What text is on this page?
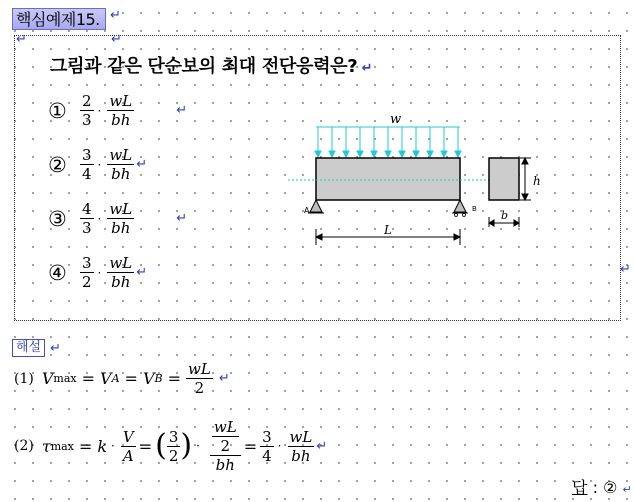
핵심예제15. ↵
↵	↵
그림과 같은 단순보의 최대 전단응력은? ↵
① $\frac{2}{3} \cdot \frac{wL}{bh}$	↵
② $\frac{3}{4} \cdot \frac{wL}{bh}$ ↵
③ $\frac{4}{3} \cdot \frac{wL}{bh}$	↵
④ $\frac{3}{2} \cdot \frac{wL}{bh}$ ↵
w
A	B
L
h
b
↵
해설 ↵
(1) V max = V A = V $B = \frac{wL}{2}$ ↵
(2) τ $\max = k \cdot \frac{V}{A}$ = ( $\frac{3}{2}$ ) · wL
2
bh = $\frac{3}{4} \cdot \frac{wL}{bh}$ ↵
답 : ② ↵
